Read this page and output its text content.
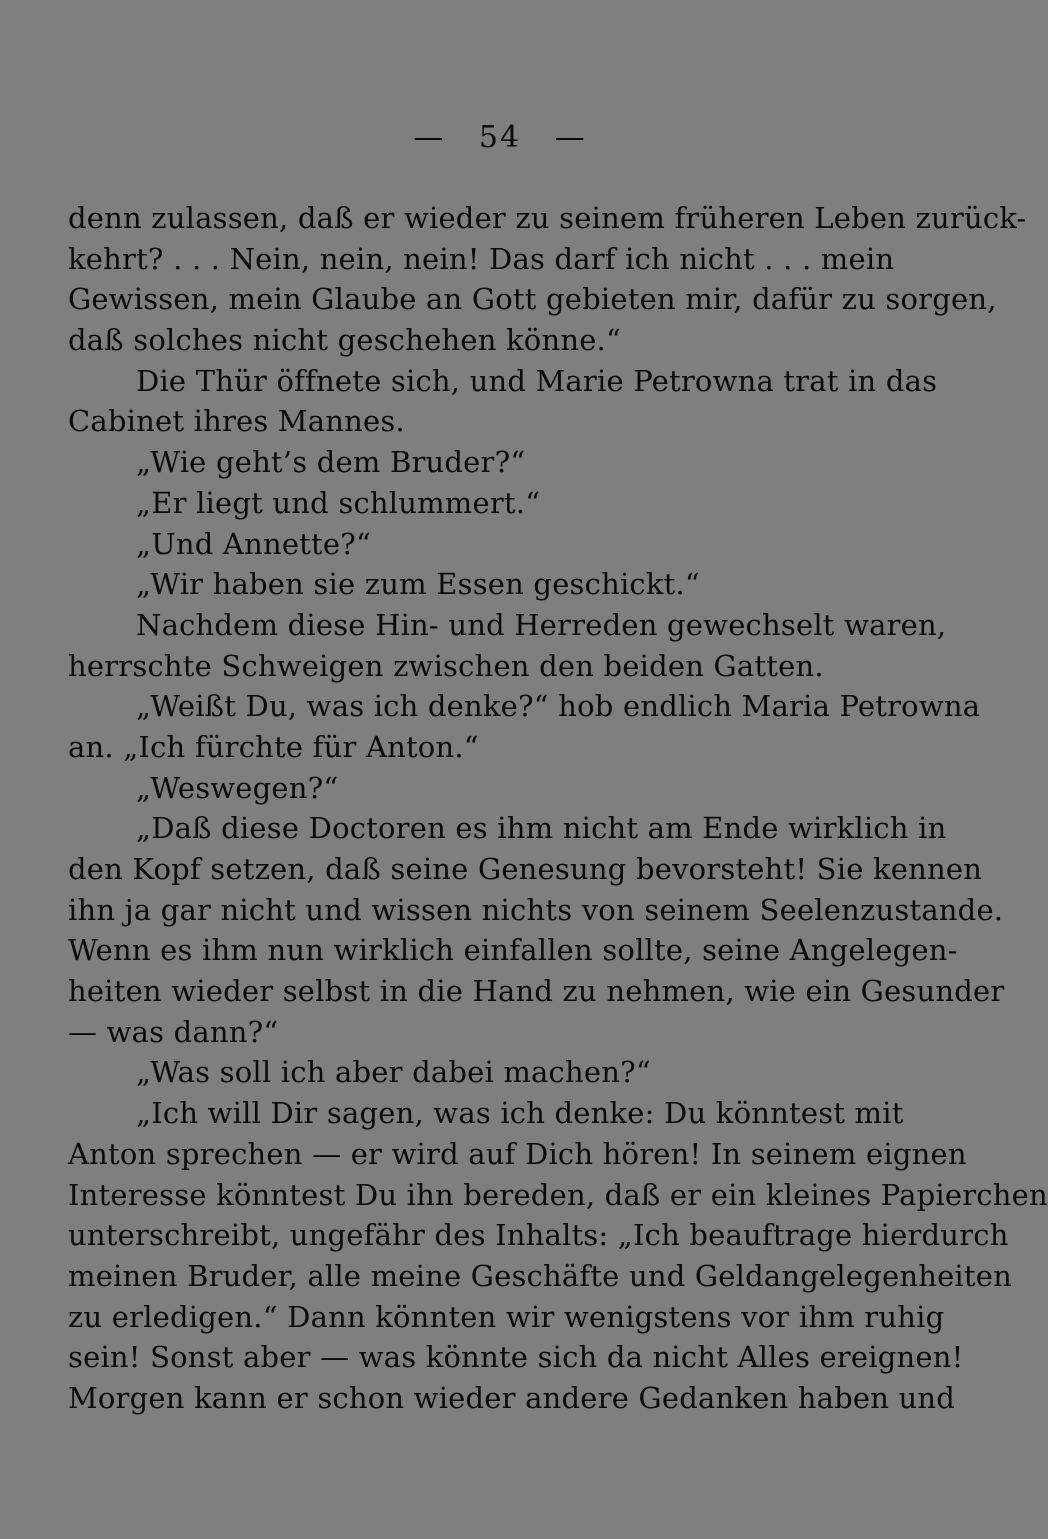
— 54 —
denn zulassen, daß er wieder zu seinem früheren Leben zurück-
kehrt? . . . Nein, nein, nein! Das darf ich nicht . . . mein
Gewissen, mein Glaube an Gott gebieten mir, dafür zu sorgen,
daß solches nicht geschehen könne.“
Die Thür öffnete sich, und Marie Petrowna trat in das
Cabinet ihres Mannes.
„Wie geht’s dem Bruder?“
„Er liegt und schlummert.“
„Und Annette?“
„Wir haben sie zum Essen geschickt.“
Nachdem diese Hin- und Herreden gewechselt waren,
herrschte Schweigen zwischen den beiden Gatten.
„Weißt Du, was ich denke?“ hob endlich Maria Petrowna
an. „Ich fürchte für Anton.“
„Weswegen?“
„Daß diese Doctoren es ihm nicht am Ende wirklich in
den Kopf setzen, daß seine Genesung bevorsteht! Sie kennen
ihn ja gar nicht und wissen nichts von seinem Seelenzustande.
Wenn es ihm nun wirklich einfallen sollte, seine Angelegen-
heiten wieder selbst in die Hand zu nehmen, wie ein Gesunder
— was dann?“
„Was soll ich aber dabei machen?“
„Ich will Dir sagen, was ich denke: Du könntest mit
Anton sprechen — er wird auf Dich hören! In seinem eignen
Interesse könntest Du ihn bereden, daß er ein kleines Papierchen
unterschreibt, ungefähr des Inhalts: „Ich beauftrage hierdurch
meinen Bruder, alle meine Geschäfte und Geldangelegenheiten
zu erledigen.“ Dann könnten wir wenigstens vor ihm ruhig
sein! Sonst aber — was könnte sich da nicht Alles ereignen!
Morgen kann er schon wieder andere Gedanken haben und
